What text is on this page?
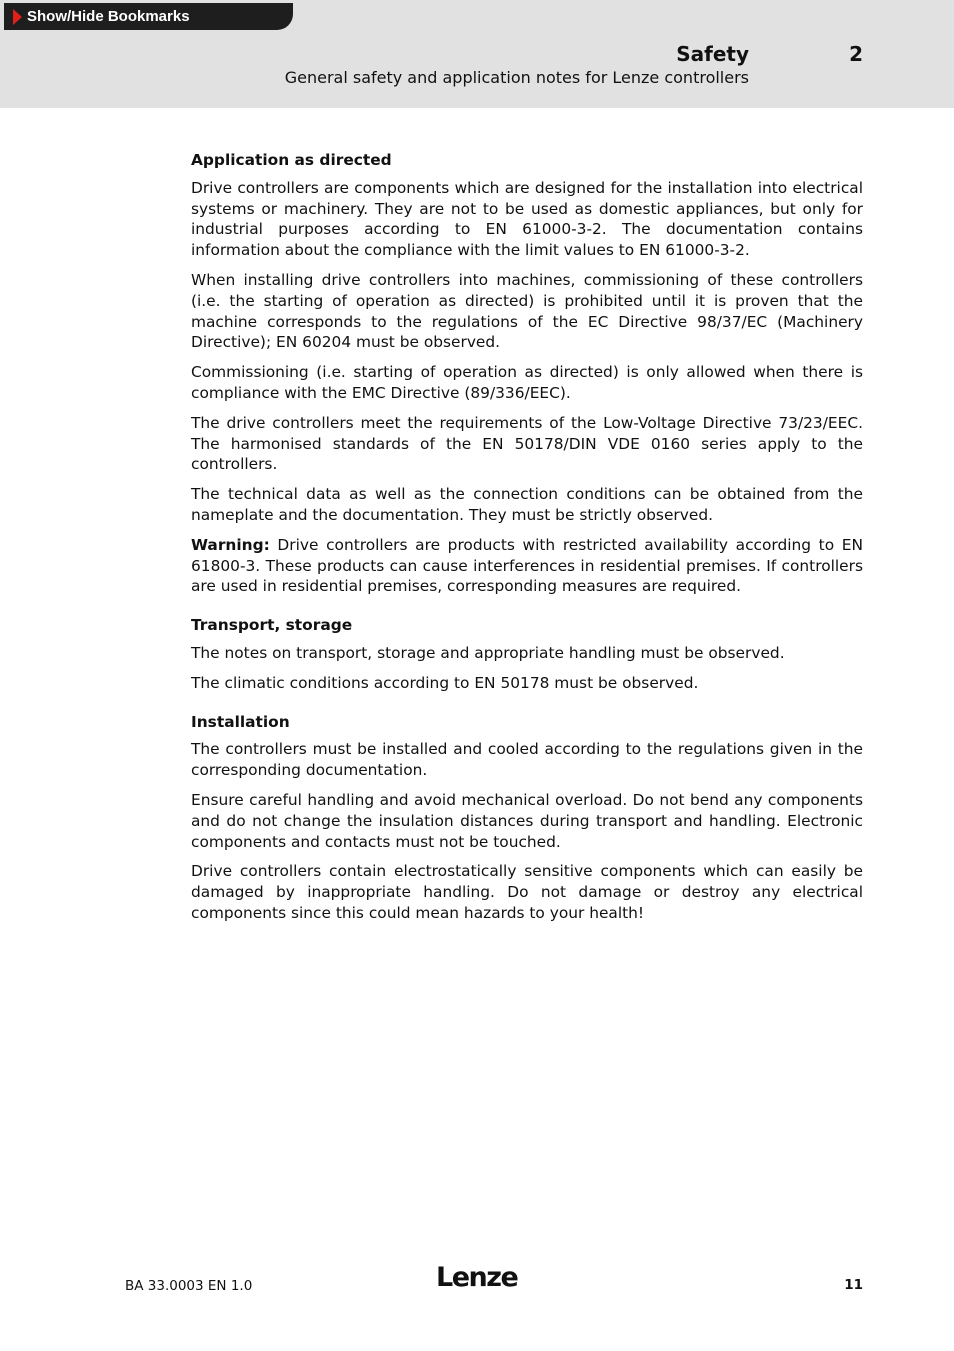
Show/Hide Bookmarks
Safety	2
General safety and application notes for Lenze controllers
Application as directed

Drive controllers are components which are designed for the installation into electrical systems or machinery. They are not to be used as domestic appliances, but only for industrial purposes according to EN 61000-3-2. The documentation contains information about the compliance with the limit values to EN 61000-3-2.

When installing drive controllers into machines, commissioning of these controllers (i.e. the starting of operation as directed) is prohibited until it is proven that the machine corresponds to the regulations of the EC Directive 98/37/EC (Machinery Directive); EN 60204 must be observed.

Commissioning (i.e. starting of operation as directed) is only allowed when there is compliance with the EMC Directive (89/336/EEC).

The drive controllers meet the requirements of the Low-Voltage Directive 73/23/EEC. The harmonised standards of the EN 50178/DIN VDE 0160 series apply to the controllers.

The technical data as well as the connection conditions can be obtained from the nameplate and the documentation. They must be strictly observed.

Warning: Drive controllers are products with restricted availability according to EN 61800-3. These products can cause interferences in residential premises. If controllers are used in residential premises, corresponding measures are required.

Transport, storage

The notes on transport, storage and appropriate handling must be observed.

The climatic conditions according to EN 50178 must be observed.

Installation

The controllers must be installed and cooled according to the regulations given in the corresponding documentation.

Ensure careful handling and avoid mechanical overload. Do not bend any components and do not change the insulation distances during transport and handling. Electronic components and contacts must not be touched.

Drive controllers contain electrostatically sensitive components which can easily be damaged by inappropriate handling. Do not damage or destroy any electrical components since this could mean hazards to your health!

BA 33.0003 EN 1.0	Lenze	11
